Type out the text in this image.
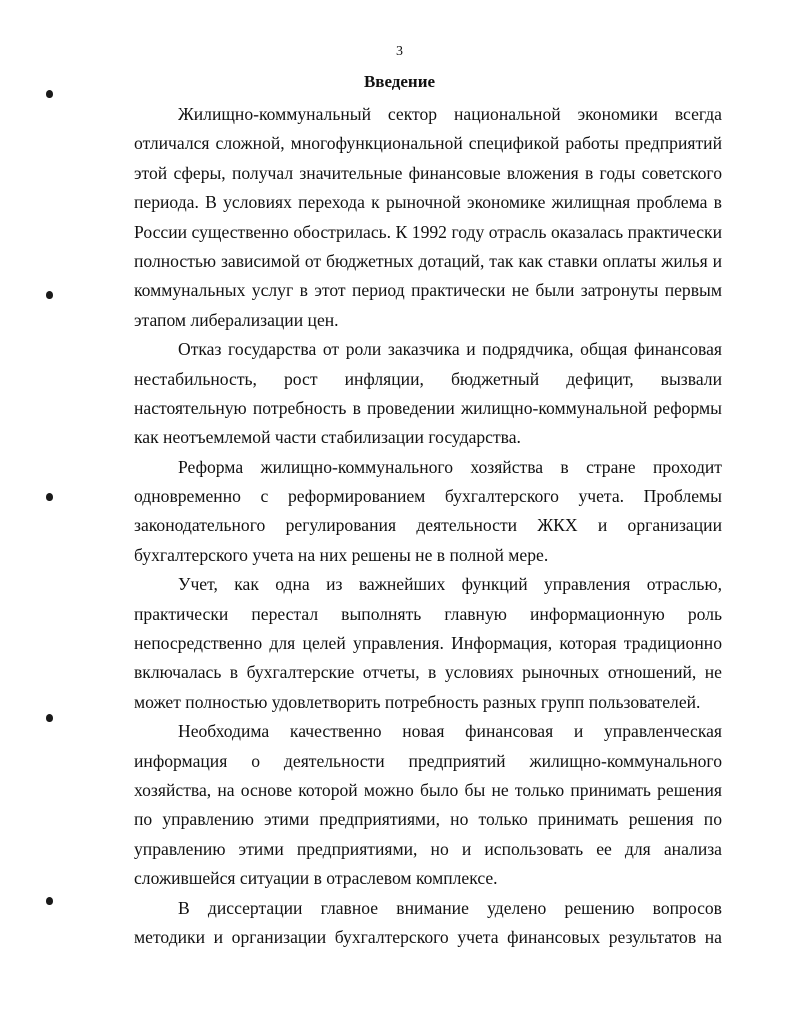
3
Введение
Жилищно-коммунальный сектор национальной экономики всегда
отличался сложной, многофункциональной спецификой работы предприятий
этой сферы, получал значительные финансовые вложения в годы советского
периода. В условиях перехода к рыночной экономике жилищная проблема в
России существенно обострилась. К 1992 году отрасль оказалась практически
полностью зависимой от бюджетных дотаций, так как ставки оплаты жилья и
коммунальных услуг в этот период практически не были затронуты первым
этапом либерализации цен.
Отказ государства от роли заказчика и подрядчика, общая финансовая
нестабильность, рост инфляции, бюджетный дефицит, вызвали
настоятельную потребность в проведении жилищно-коммунальной реформы
как неотъемлемой части стабилизации государства.
Реформа жилищно-коммунального хозяйства в стране проходит
одновременно с реформированием бухгалтерского учета. Проблемы
законодательного регулирования деятельности ЖКХ и организации
бухгалтерского учета на них решены не в полной мере.
Учет, как одна из важнейших функций управления отраслью,
практически перестал выполнять главную информационную роль
непосредственно для целей управления. Информация, которая традиционно
включалась в бухгалтерские отчеты, в условиях рыночных отношений, не
может полностью удовлетворить потребность разных групп пользователей.
Необходима качественно новая финансовая и управленческая
информация о деятельности предприятий жилищно-коммунального
хозяйства, на основе которой можно было бы не только принимать решения
по управлению этими предприятиями, но только принимать решения по
управлению этими предприятиями, но и использовать ее для анализа
сложившейся ситуации в отраслевом комплексе.
В диссертации главное внимание уделено решению вопросов
методики и организации бухгалтерского учета финансовых результатов на
